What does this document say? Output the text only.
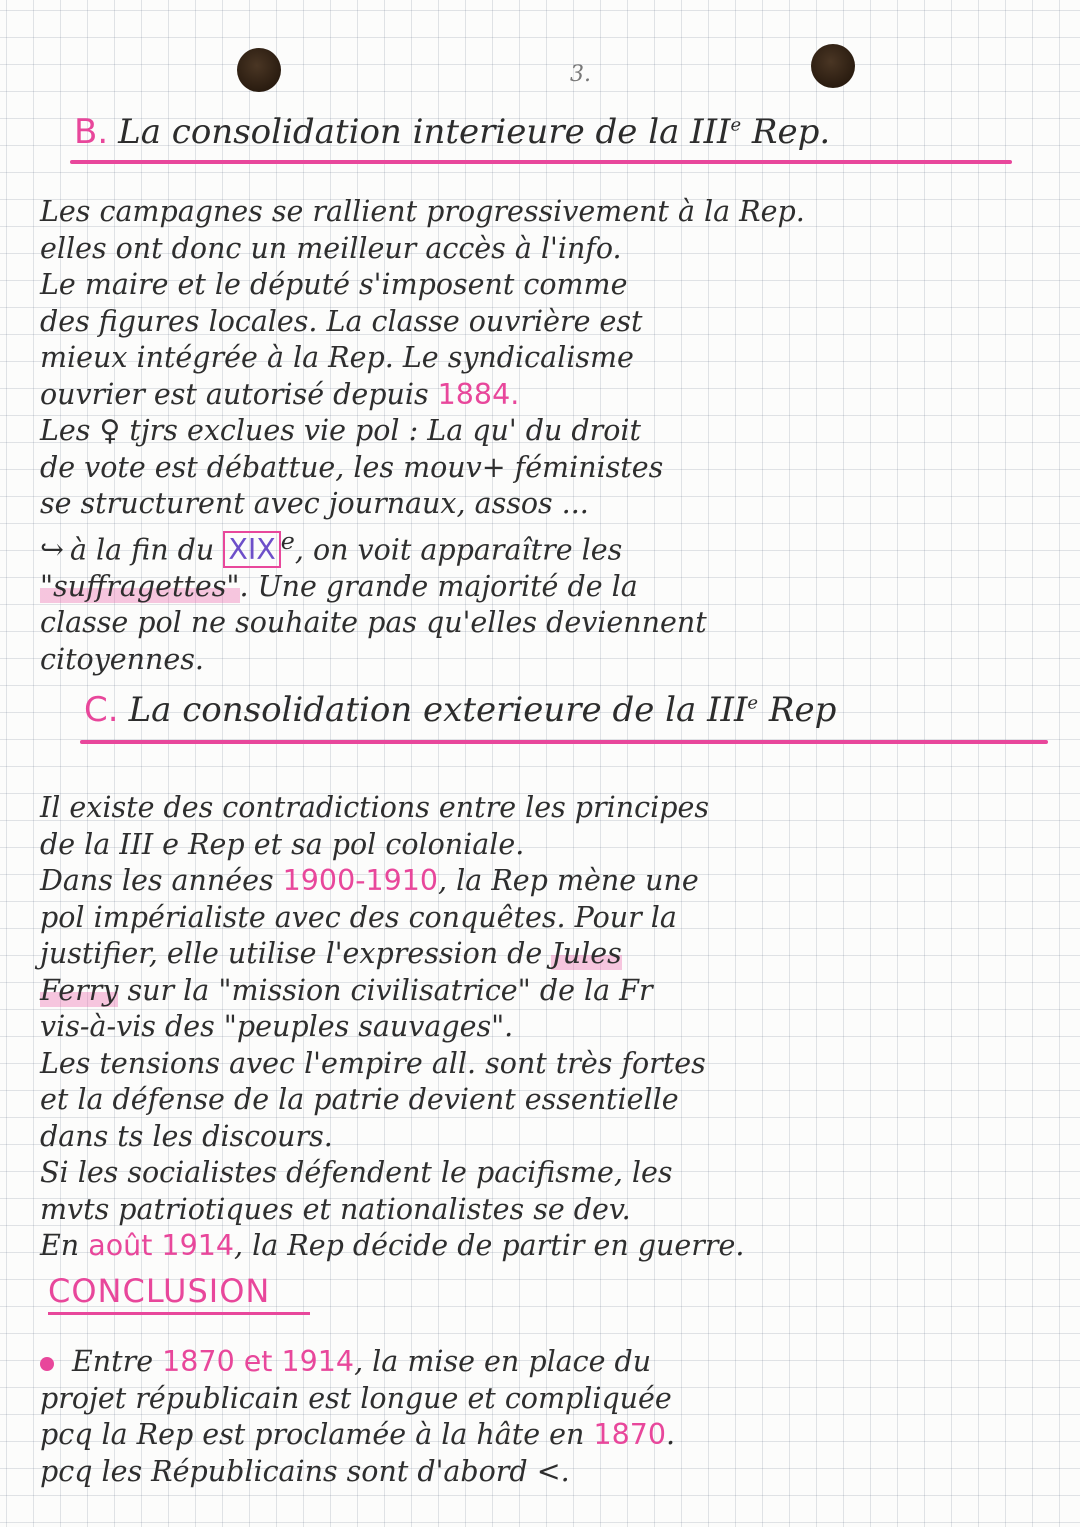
3.
B. La consolidation interieure de la IIIe Rep.
Les campagnes se rallient progressivement à la Rep.
elles ont donc un meilleur accès à l'info.
Le maire et le député s'imposent comme
des figures locales. La classe ouvrière est
mieux intégrée à la Rep. Le syndicalisme
ouvrier est autorisé depuis 1884.
Les ♀ tjrs exclues vie pol : La qu' du droit
de vote est débattue, les mouv+ féministes
se structurent avec journaux, assos ...
↪ à la fin du XIX $^e$, on voit apparaître les
"suffragettes". Une grande majorité de la
classe pol ne souhaite pas qu'elles deviennent
citoyennes.
C. La consolidation exterieure de la IIIe Rep
Il existe des contradictions entre les principes
de la III e Rep et sa pol coloniale.
Dans les années 1900-1910, la Rep mène une
pol impérialiste avec des conquêtes. Pour la
justifier, elle utilise l'expression de Jules
Ferry sur la "mission civilisatrice" de la Fr
vis-à-vis des "peuples sauvages".
Les tensions avec l'empire all. sont très fortes
et la défense de la patrie devient essentielle
dans ts les discours.
Si les socialistes défendent le pacifisme, les
mvts patriotiques et nationalistes se dev.
En août 1914, la Rep décide de partir en guerre.
CONCLUSION
Entre 1870 et 1914, la mise en place du
projet républicain est longue et compliquée
pcq la Rep est proclamée à la hâte en 1870.
pcq les Républicains sont d'abord <.
